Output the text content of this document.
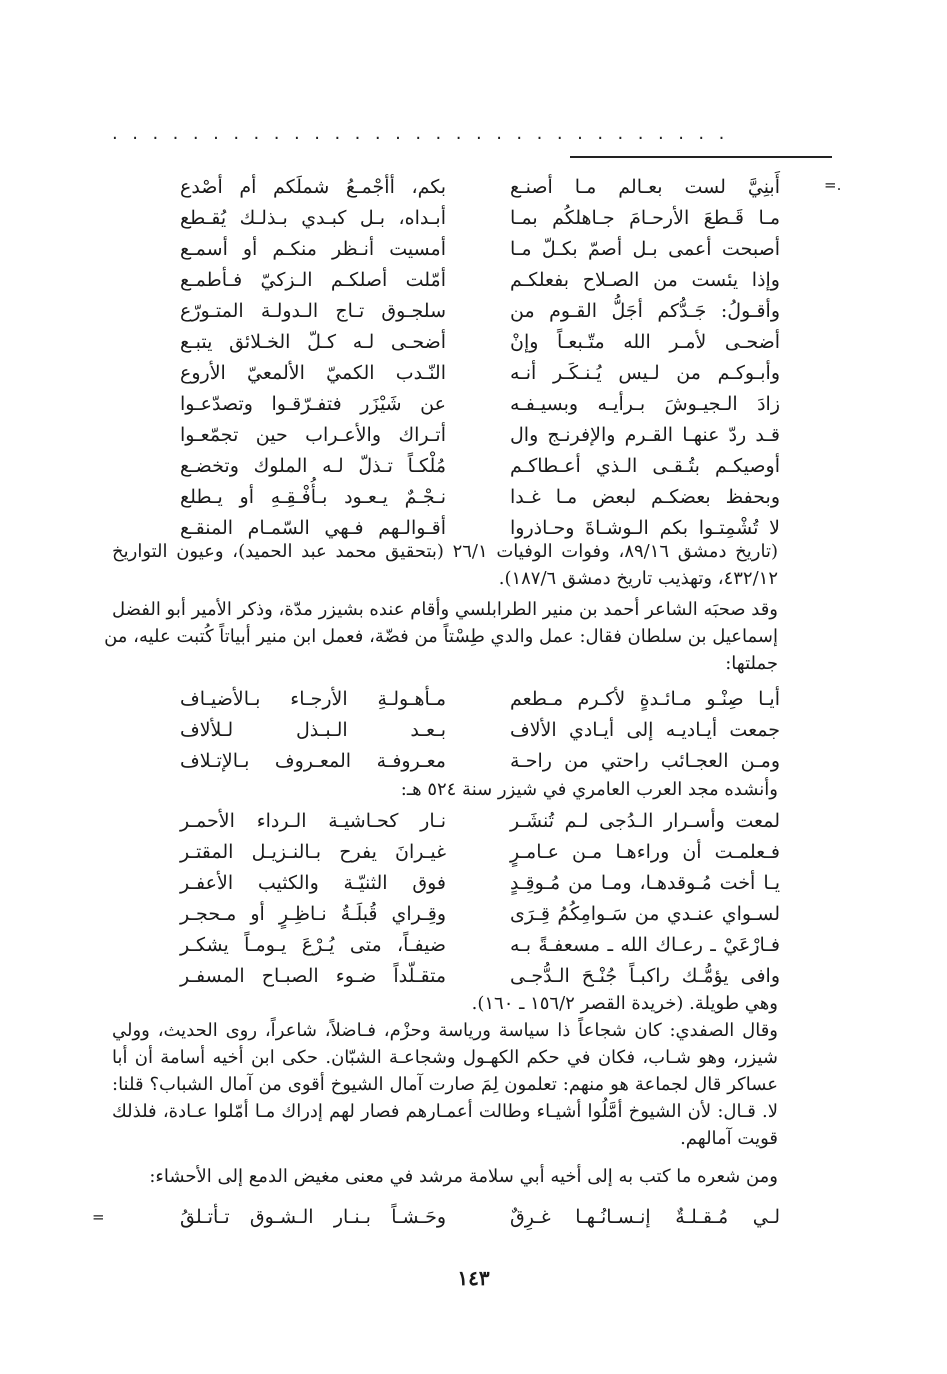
...............................
=.
أَبنِيَّ لست بعـالم مـا أصنـع
بكم، أأجْمـعُ شملَكم أم أصْدع
مـا قَـطعَ الأرحـامَ جـاهلكُم بمـا
أبـداه، بـل كبـدي بـذلـك يُقـطع
أصبحت أعمى بـل أصمّ بكـلّ مـا
أمسيت أنـظر منكـم أو أسمـع
وإذا يئست من الصـلاح بفعلكـم
أمّلت أصلكـم الـزكيّ فـأطمـع
وأقـولُ: جَـدُّكم أجَلُّ القـوم من
سلجـوق تـاج الـدولـة المتـورّع
أضحـى لأمـر الله متّـبعـاً وإنْ
أضحـى لـه كـلّ الخـلائق يتبـع
وأبـوكـم من لـيس يُـنـكَـر أنـه
النّـدب الكميّ الألمعيّ الأروع
زادَ الـجيـوشَ بـرأيـه وبسيـفـه
عن شَيْزَر فتفـرّقـوا وتصدّعـوا
قـد ردّ عنهـا القـرم والإفرنـج وال
أتـراك والأعـراب حين تجمّعـوا
أوصيكـم بتُـقـى الـذي أعـطاكـم
مُلْكـاً تـذلّ لـه الملوك وتخضـع
وبحفظ بعضكـم لبعض مـا غـدا
نـجْـمٌ يـعـود بـأُفْـقِـهِ أو يـطلع
لا تُشْمِتـوا بكم الـوشـاةَ وحـاذروا
أقـوالـهم فـهي السّمـام المنقـع
(تاريخ دمشق ٨٩/١٦، وفوات الوفيات ٢٦/١ (بتحقيق محمد عبد الحميد)، وعيون التواريخ
٤٣٢/١٢، وتهذيب تاريخ دمشق ١٨٧/٦).
وقد صحبَه الشاعر أحمد بن منير الطرابلسي وأقام عنده بشيزر مدّة، وذكر الأمير أبو الفضل
إسماعيل بن سلطان فقال: عمل والدي طِسْتاً من فضّة، فعمل ابن منير أبياتاً كُتبت عليه، من
جملتها:
أيـا صِنْـو مـائـدةٍ لأكـرم مـطعم
مـأهـولـةِ الأرجـاء بـالأضيـاف
جمعت أيـاديـه إلى أيـادي الألاف
بـعـد الـبـذل لـلألاف
ومـن العجـائب راحتي من راحـة
معـروفـة المعـروف بـالإتـلاف
وأنشده مجد العرب العامري في شيزر سنة ٥٢٤ هـ:
لمعت وأسـرار الـدُجى لـم تُنشَـر
نـار كحـاشيـة الـرداء الأحمـر
فـعلمـت أن وراءهـا مـن عـامـرٍ
غيـرانَ يفرح بـالنـزيـل المقتـر
يـا أخت مُـوقدهـا، ومـا من مُـوقِـدٍ
فوق الثنيّـة والكثيب الأعفـر
لسـواي عنـدي من سَـوامِكُمُ قِـرَى
وقِـراي قُبلَـةُ نـاظِـرٍ أو مـحجـر
فـارْعَيْ ـ رعـاك الله ـ مسعفـةً بـه
ضيفـاً، متى يُـرْعَ يـومـاً يشكـر
وافى يؤمُّـك راكبـاً جُنْـحَ الـدُّجـى
متقـلّداً ضـوء الصبـاح المسفـر
وهي طويلة. (خريدة القصر ١٥٦/٢ ـ ١٦٠).
وقال الصفدي: كان شجاعاً ذا سياسة ورياسة وحزْم، فـاضلاً، شاعراً، روى الحديث، وولي
شيزر، وهو شـاب، فكان في حكم الكهـول وشجاعـة الشبّان. حكى ابن أخيه أسامة أن أبا
عساكر قال لجماعة هو منهم: تعلمون لِمَ صارت آمال الشيوخ أقوى من آمال الشباب؟ قلنا:
لا. قـال: لأن الشيوخ أمَّلُوا أشيـاء وطالت أعمـارهم فصار لهم إدراك مـا أمّلوا عـادة، فلذلك
قويت آمالهم.
ومن شعره ما كتب به إلى أخيه أبي سلامة مرشد في معنى مغيض الدمع إلى الأحشاء:
لـي مُـقـلـةٌ إنـسـانُـهـا غـرِقٌ
وحَـشـاً بـنـار الـشـوق تـأتـلقُ
=
١٤٣
